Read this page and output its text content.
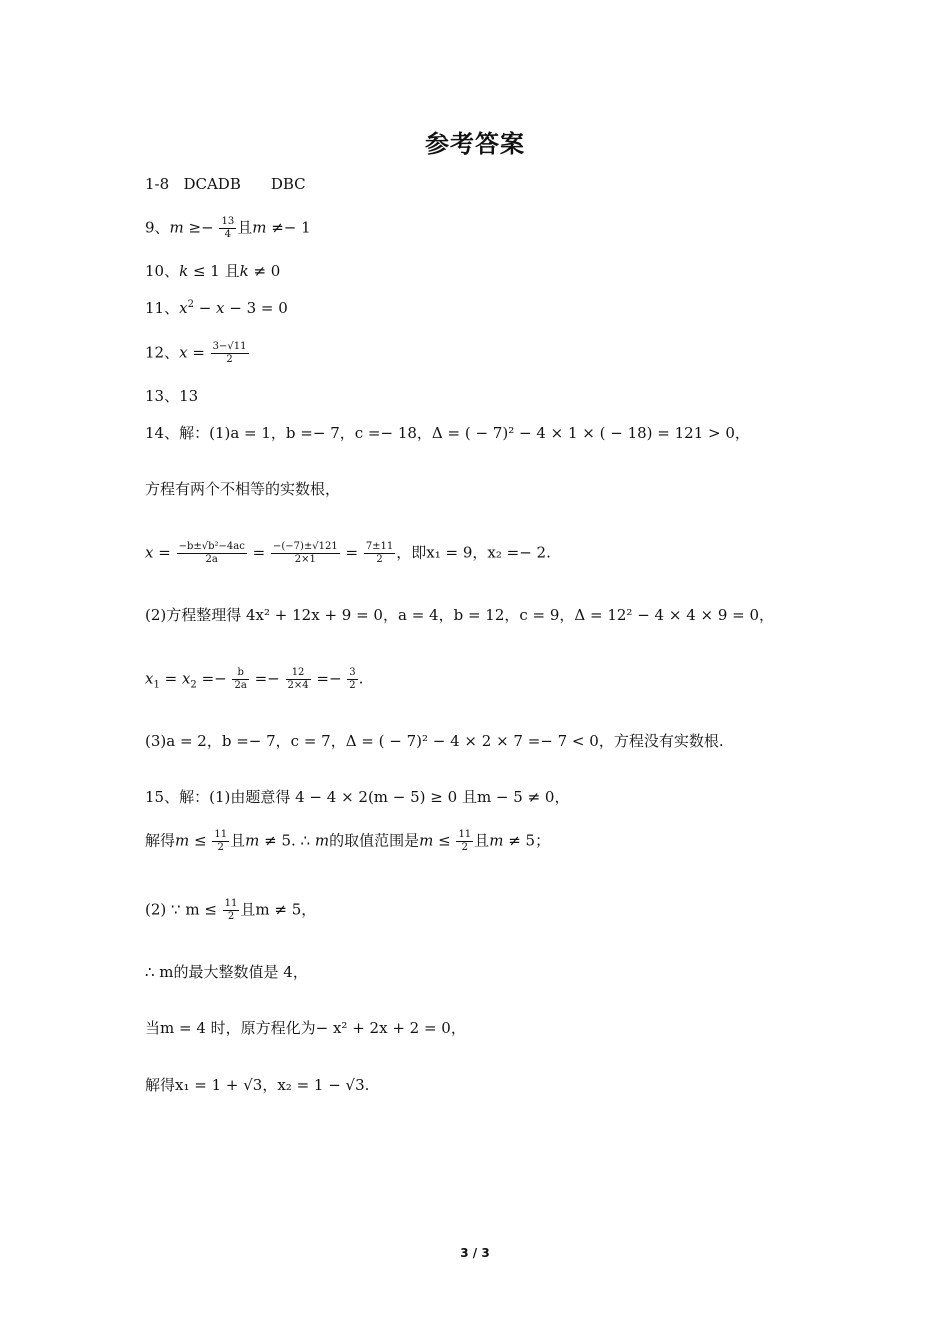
参考答案
1-8 DCADB DBC
9、$m \ge- \frac{13}{4}$ 且m ≠− 1
10、k ≤ 1 且k ≠ 0
11、$x^2 - x - 3 = 0$
12、$x = \frac{3-√11}{2}$
13、13
14、解：(1)a = 1，b =− 7，c =− 18，Δ = ( − 7)² − 4 × 1 × ( − 18) = 121 > 0，
方程有两个不相等的实数根，
$x = \frac{\text{−b±√b²−4ac}}{2a} = \frac{-(-7)\pm√121}{2\times 1} = \frac{7\pm 11}{2}$ ，即x₁ = 9，x₂ =− 2.
(2)方程整理得 4x² + 12x + 9 = 0，a = 4，b = 12，c = 9，Δ = 12² − 4 × 4 × 9 = 0，
$x_1 = x_2 =- \frac{b}{2a} =- \frac{12}{2\times 4} =- \frac{3}{2}$ .
(3)a = 2，b =− 7，c = 7，Δ = ( − 7)² − 4 × 2 × 7 =− 7 < 0，方程没有实数根.
15、解：(1)由题意得 4 − 4 × 2(m − 5) ≥ 0 且m − 5 ≠ 0，
解得$m \le \frac{11}{2}$ 且m ≠ 5. ∴ m的取值范围是$m \le \frac{11}{2}$ 且m ≠ 5；
(2) ∵ $m \le \frac{11}{2}$ 且m ≠ 5，
∴ m的最大整数值是 4，
当m = 4 时，原方程化为− x² + 2x + 2 = 0，
解得x₁ = 1 + √3，x₂ = 1 − √3.
3 / 3
